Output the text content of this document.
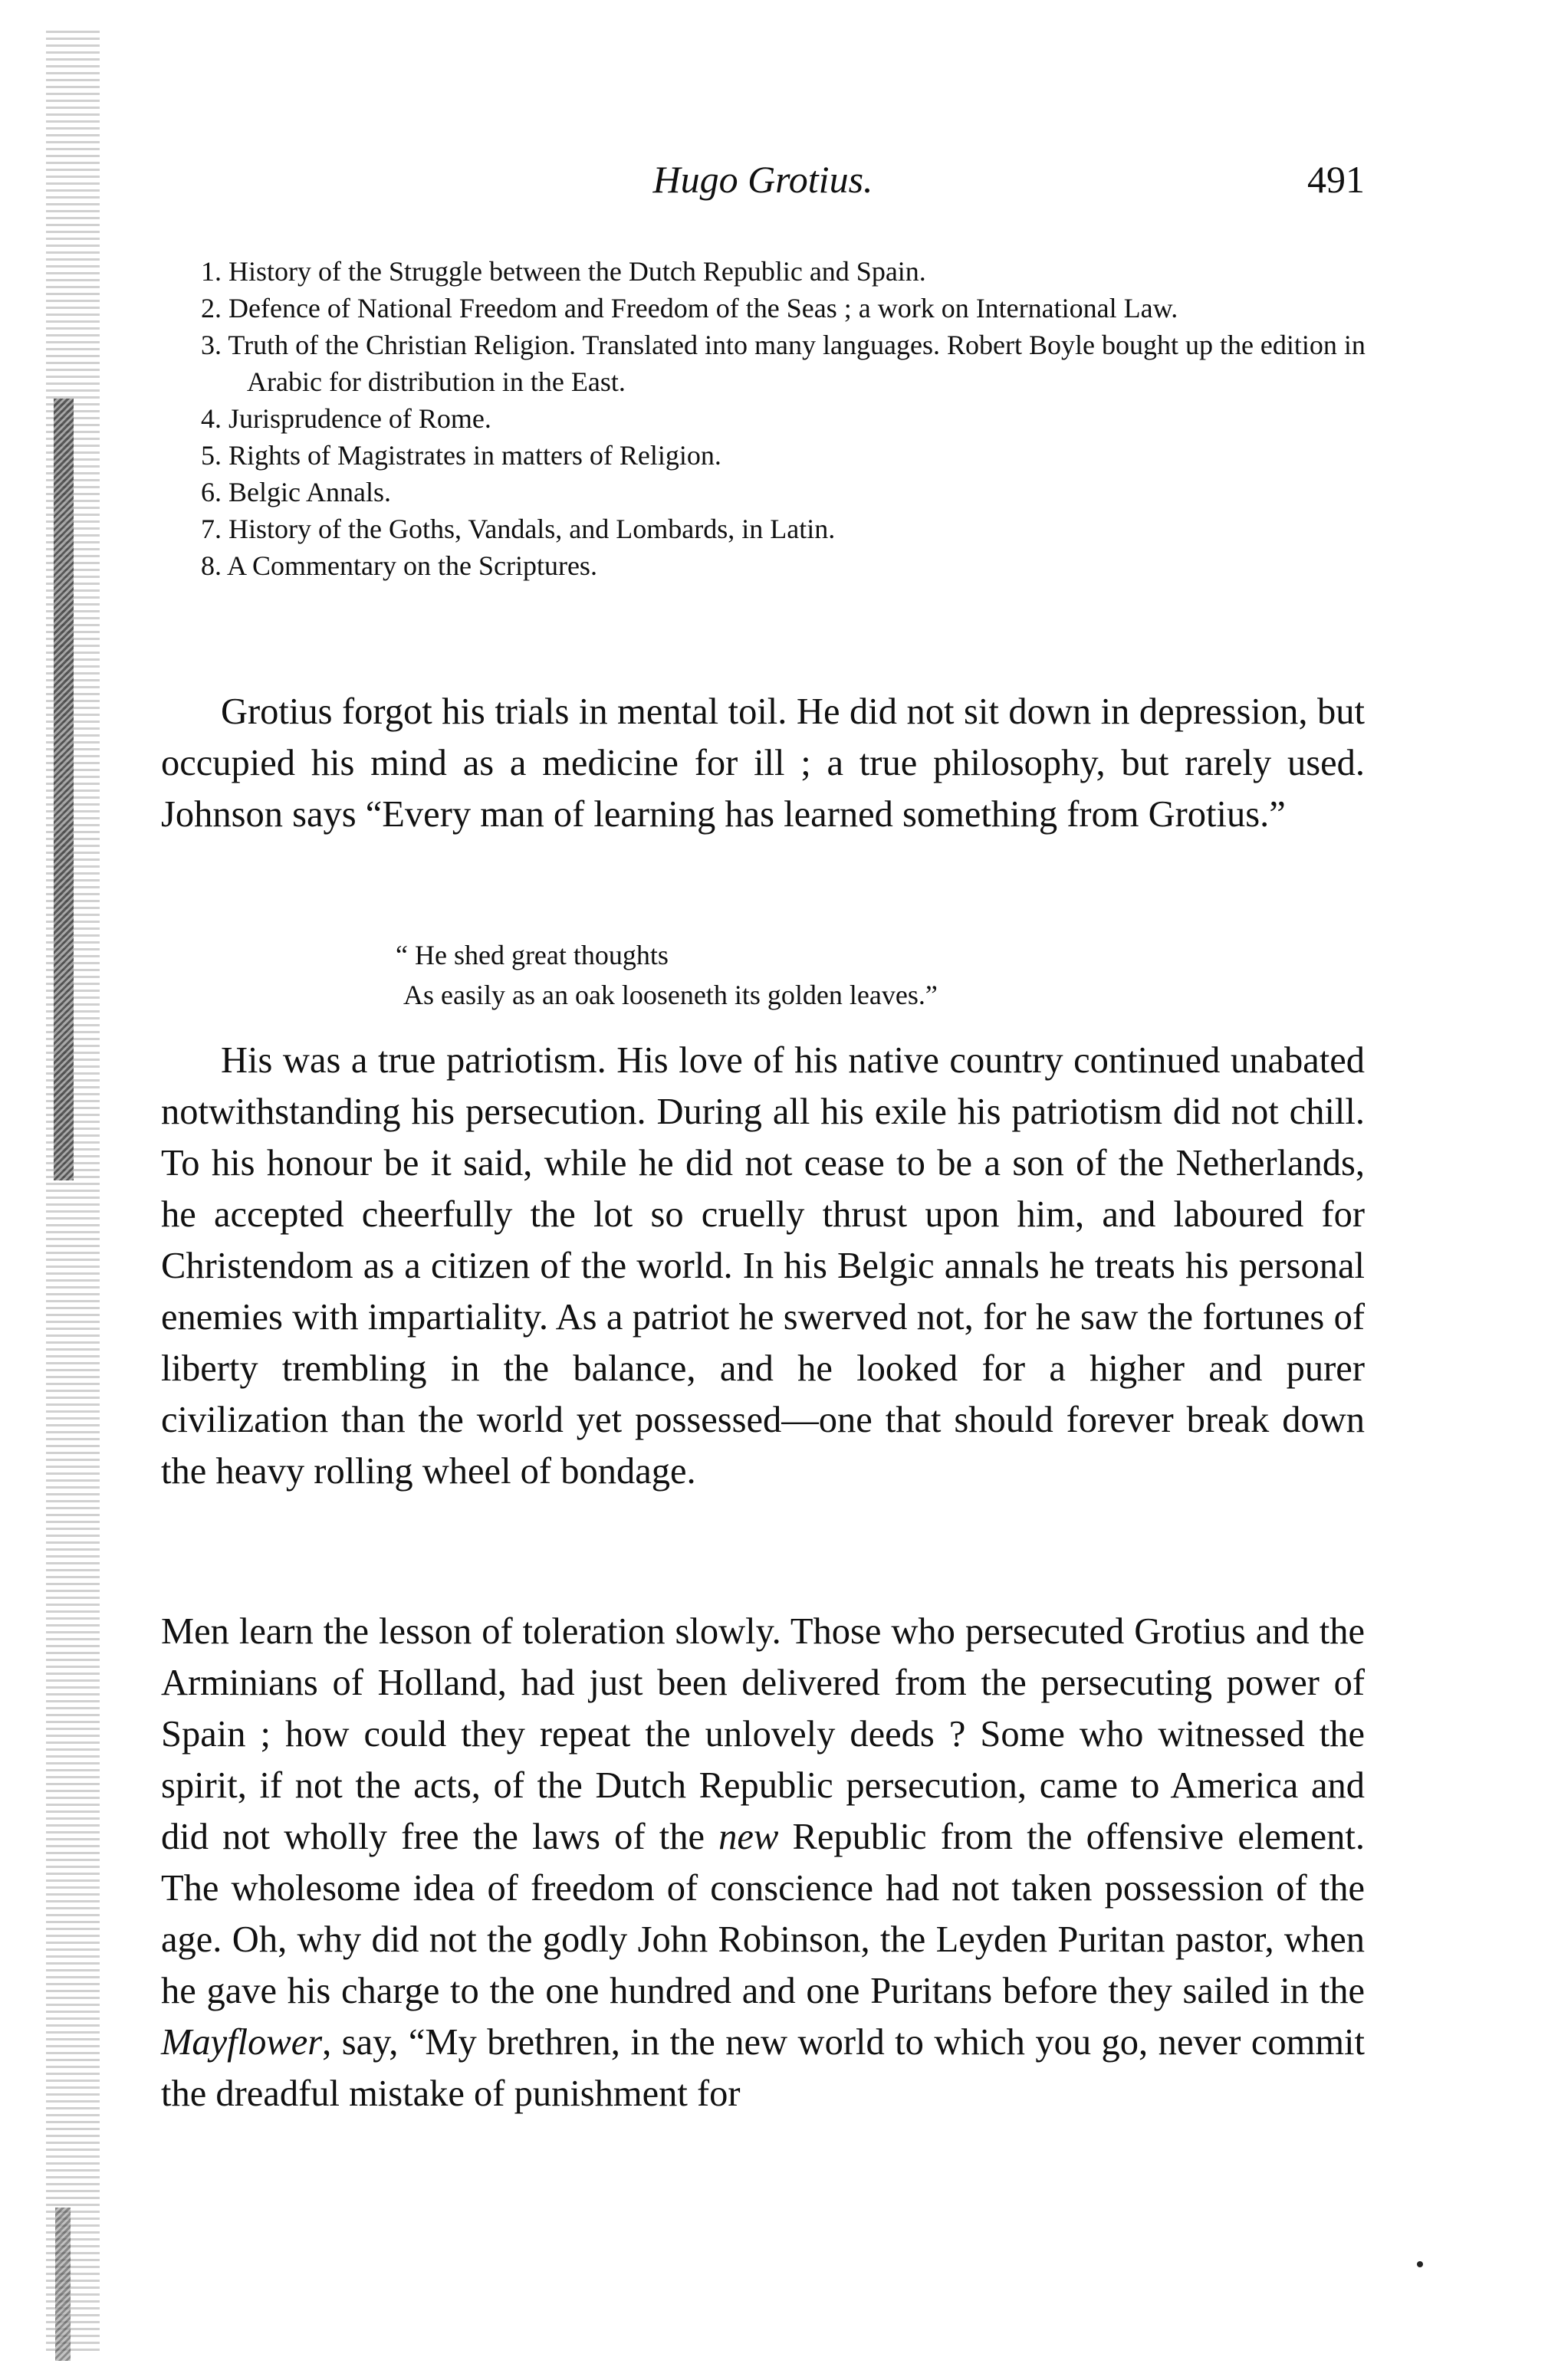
Hugo Grotius.	491
1. History of the Struggle between the Dutch Republic and Spain.
2. Defence of National Freedom and Freedom of the Seas ; a work on International Law.
3. Truth of the Christian Religion. Translated into many languages. Robert Boyle bought up the edition in Arabic for distribution in the East.
4. Jurisprudence of Rome.
5. Rights of Magistrates in matters of Religion.
6. Belgic Annals.
7. History of the Goths, Vandals, and Lombards, in Latin.
8. A Commentary on the Scriptures.

Grotius forgot his trials in mental toil. He did not sit down in depression, but occupied his mind as a medicine for ill ; a true philosophy, but rarely used. Johnson says “Every man of learning has learned something from Grotius.”

“ He shed great thoughts
As easily as an oak looseneth its golden leaves.”

His was a true patriotism. His love of his native country continued unabated notwithstanding his persecution. During all his exile his patriotism did not chill. To his honour be it said, while he did not cease to be a son of the Netherlands, he accepted cheerfully the lot so cruelly thrust upon him, and laboured for Christendom as a citizen of the world. In his Belgic annals he treats his personal enemies with impartiality. As a patriot he swerved not, for he saw the fortunes of liberty trembling in the balance, and he looked for a higher and purer civilization than the world yet possessed—one that should forever break down the heavy rolling wheel of bondage.

Men learn the lesson of toleration slowly. Those who persecuted Grotius and the Arminians of Holland, had just been delivered from the persecuting power of Spain ; how could they repeat the unlovely deeds ? Some who witnessed the spirit, if not the acts, of the Dutch Republic persecution, came to America and did not wholly free the laws of the new Republic from the offensive element. The wholesome idea of freedom of conscience had not taken possession of the age. Oh, why did not the godly John Robinson, the Leyden Puritan pastor, when he gave his charge to the one hundred and one Puritans before they sailed in the Mayflower, say, “My brethren, in the new world to which you go, never commit the dreadful mistake of punishment for
